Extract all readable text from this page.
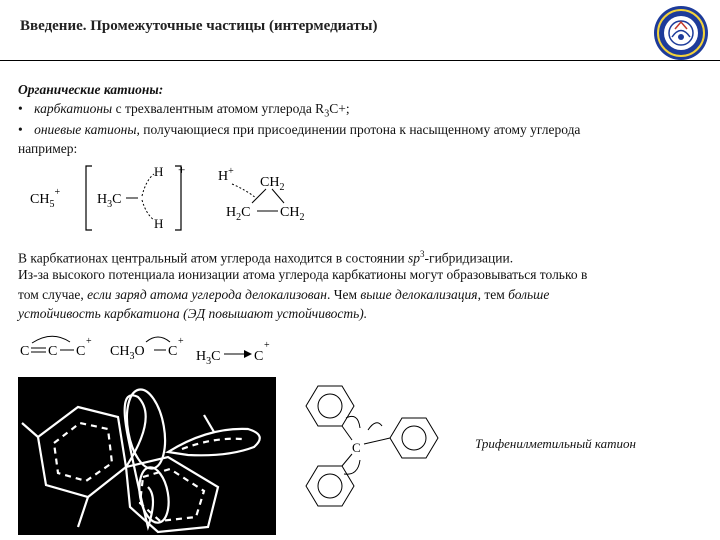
Введение. Промежуточные частицы (интермедиаты)
Органические катионы:
• карбкатионы с трехвалентным атомом углерода $R_3C+$;
• ониевые катионы, получающиеся при присоединении протона к насыщенному атому углерода
например:
$CH_5^+$	$H_3C$
H
H
+ H+
$CH_2$
$H_2C$ $CH_2$
В карбкатионах центральный атом углерода находится в состоянии $sp^3$-гибридизации.
Из-за высокого потенциала ионизации атома углерода карбкатионы могут образовываться только в
том случае, если заряд атома углерода делокализован. Чем выше делокализация, тем больше
устойчивость карбкатиона (ЭД повышают устойчивость).
C C C
+
$CH_3O$ C
+
$H_3C$ C
+
C	Трифенилметильный катион
